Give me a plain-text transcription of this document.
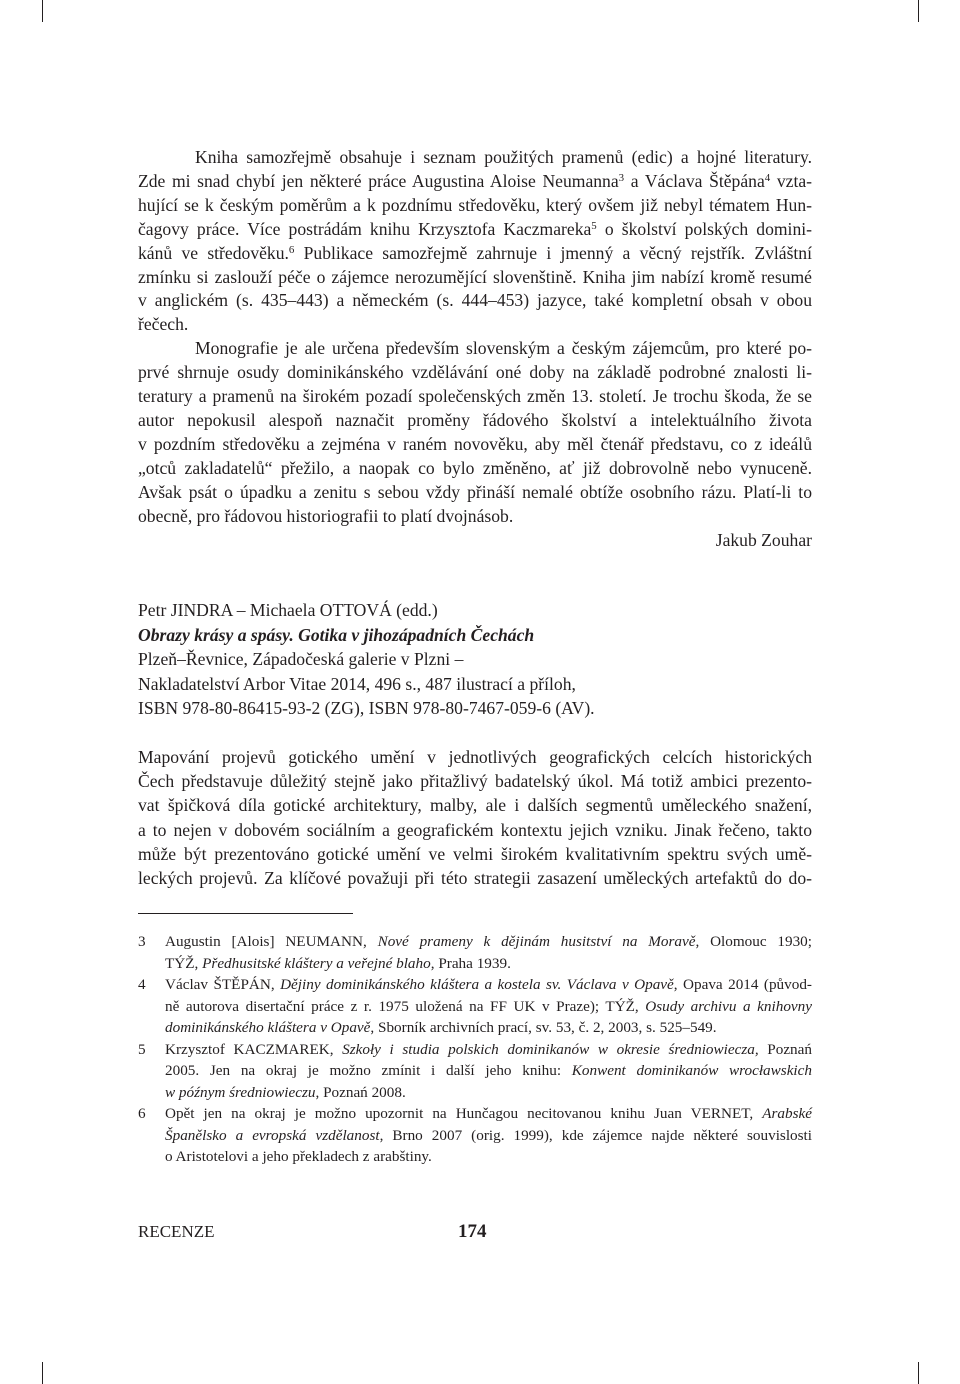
Kniha samozřejmě obsahuje i seznam použitých pramenů (edic) a hojné literatury.
Zde mi snad chybí jen některé práce Augustina Aloise Neumanna$^3$ a Václava Štěpána$^4$ vzta-
hující se k českým poměrům a k pozdnímu středověku, který ovšem již nebyl tématem Hun-
čagovy práce. Více postrádám knihu Krzysztofa Kaczmareka$^5$ o školství polských domini-
kánů ve středověku.$^6$ Publikace samozřejmě zahrnuje i jmenný a věcný rejstřík. Zvláštní
zmínku si zaslouží péče o zájemce nerozumějící slovenštině. Kniha jim nabízí kromě resumé
v anglickém (s. 435–443) a německém (s. 444–453) jazyce, také kompletní obsah v obou
řečech.
Monografie je ale určena především slovenským a českým zájemcům, pro které po-
prvé shrnuje osudy dominikánského vzdělávání oné doby na základě podrobné znalosti li-
teratury a pramenů na širokém pozadí společenských změn 13. století. Je trochu škoda, že se
autor nepokusil alespoň naznačit proměny řádového školství a intelektuálního života
v pozdním středověku a zejména v raném novověku, aby měl čtenář představu, co z ideálů
„otců zakladatelů“ přežilo, a naopak co bylo změněno, ať již dobrovolně nebo vynuceně.
Avšak psát o úpadku a zenitu s sebou vždy přináší nemalé obtíže osobního rázu. Platí-li to
obecně, pro řádovou historiografii to platí dvojnásob.
Jakub Zouhar
Petr JINDRA – Michaela OTTOVÁ (edd.)
Obrazy krásy a spásy. Gotika v jihozápadních Čechách
Plzeň–Řevnice, Západočeská galerie v Plzni –
Nakladatelství Arbor Vitae 2014, 496 s., 487 ilustrací a příloh,
ISBN 978-80-86415-93-2 (ZG), ISBN 978-80-7467-059-6 (AV).
Mapování projevů gotického umění v jednotlivých geografických celcích historických
Čech představuje důležitý stejně jako přitažlivý badatelský úkol. Má totiž ambici prezento-
vat špičková díla gotické architektury, malby, ale i dalších segmentů uměleckého snažení,
a to nejen v dobovém sociálním a geografickém kontextu jejich vzniku. Jinak řečeno, takto
může být prezentováno gotické umění ve velmi širokém kvalitativním spektru svých umě-
leckých projevů. Za klíčové považuji při této strategii zasazení uměleckých artefaktů do do-
3 Augustin [Alois] NEUMANN, Nové prameny k dějinám husitství na Moravě, Olomouc 1930;
TÝŽ, Předhusitské kláštery a veřejné blaho, Praha 1939.
4 Václav ŠTĚPÁN, Dějiny dominikánského kláštera a kostela sv. Václava v Opavě, Opava 2014 (původ-
ně autorova disertační práce z r. 1975 uložená na FF UK v Praze); TÝŽ, Osudy archivu a knihovny
dominikánského kláštera v Opavě, Sborník archivních prací, sv. 53, č. 2, 2003, s. 525–549.
5 Krzysztof KACZMAREK, Szkoły i studia polskich dominikanów w okresie średniowiecza, Poznań
2005. Jen na okraj je možno zmínit i další jeho knihu: Konwent dominikanów wrocławskich
w późnym średniowieczu, Poznań 2008.
6 Opět jen na okraj je možno upozornit na Hunčagou necitovanou knihu Juan VERNET, Arabské
Španělsko a evropská vzdělanost, Brno 2007 (orig. 1999), kde zájemce najde některé souvislosti
o Aristotelovi a jeho překladech z arabštiny.
RECENZE	174
